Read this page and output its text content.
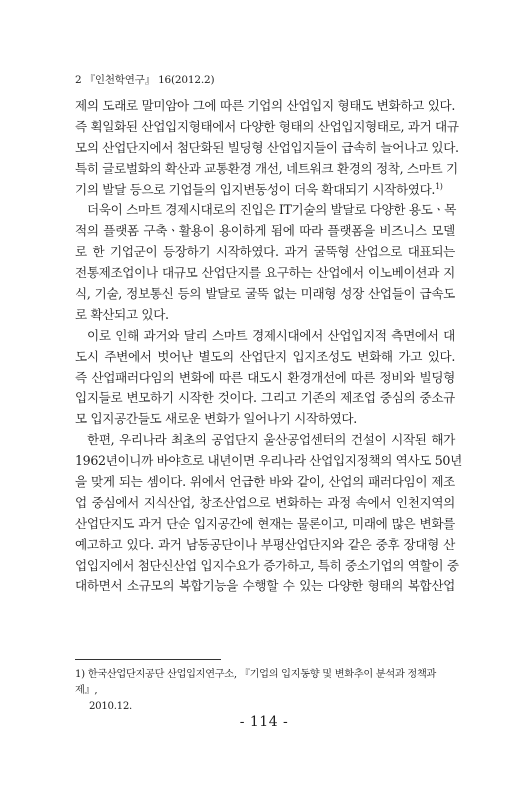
2 『인천학연구』 16(2012.2)
제의 도래로 말미암아 그에 따른 기업의 산업입지 형태도 변화하고 있다.
즉 획일화된 산업입지형태에서 다양한 형태의 산업입지형태로, 과거 대규
모의 산업단지에서 첨단화된 빌딩형 산업입지들이 급속히 늘어나고 있다.
특히 글로벌화의 확산과 교통환경 개선, 네트워크 환경의 정착, 스마트 기
기의 발달 등으로 기업들의 입지변동성이 더욱 확대되기 시작하였다.$^{1)}$
더욱이 스마트 경제시대로의 진입은 IT기술의 발달로 다양한 용도ㆍ목
적의 플랫폼 구축ㆍ활용이 용이하게 됨에 따라 플랫폼을 비즈니스 모델
로 한 기업군이 등장하기 시작하였다. 과거 굴뚝형 산업으로 대표되는
전통제조업이나 대규모 산업단지를 요구하는 산업에서 이노베이션과 지
식, 기술, 정보통신 등의 발달로 굴뚝 없는 미래형 성장 산업들이 급속도
로 확산되고 있다.
이로 인해 과거와 달리 스마트 경제시대에서 산업입지적 측면에서 대
도시 주변에서 벗어난 별도의 산업단지 입지조성도 변화해 가고 있다.
즉 산업패러다임의 변화에 따른 대도시 환경개선에 따른 정비와 빌딩형
입지들로 변모하기 시작한 것이다. 그리고 기존의 제조업 중심의 중소규
모 입지공간들도 새로운 변화가 일어나기 시작하였다.
한편, 우리나라 최초의 공업단지 울산공업센터의 건설이 시작된 해가
1962년이니까 바야흐로 내년이면 우리나라 산업입지정책의 역사도 50년
을 맞게 되는 셈이다. 위에서 언급한 바와 같이, 산업의 패러다임이 제조
업 중심에서 지식산업, 창조산업으로 변화하는 과정 속에서 인천지역의
산업단지도 과거 단순 입지공간에 현재는 물론이고, 미래에 많은 변화를
예고하고 있다. 과거 남동공단이나 부평산업단지와 같은 중후 장대형 산
업입지에서 첨단신산업 입지수요가 증가하고, 특히 중소기업의 역할이 중
대하면서 소규모의 복합기능을 수행할 수 있는 다양한 형태의 복합산업
1) 한국산업단지공단 산업입지연구소, 『기업의 입지동향 및 변화추이 분석과 정책과제』,
2010.12.
- 114 -
